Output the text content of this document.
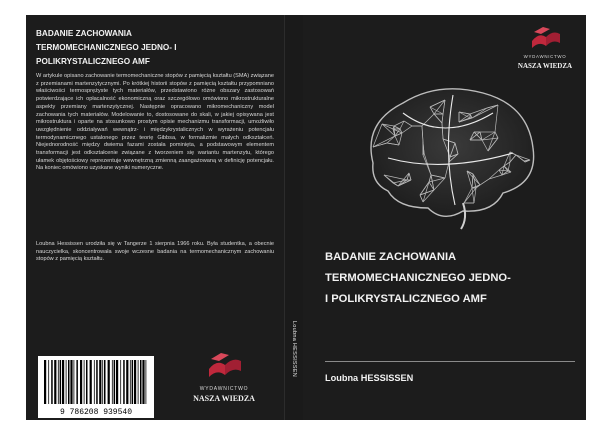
BADANIE ZACHOWANIA
TERMOMECHANICZNEGO JEDNO- I
POLIKRYSTALICZNEGO AMF
W artykule opisano zachowanie termomechaniczne stopów z pamięcią kształtu (SMA) związane z przemianami martenzytycznymi. Po krótkiej historii stopów z pamięcią kształtu przypomniano właściwości termosprężyste tych materiałów, przedstawiono różne obszary zastosowań potwierdzające ich opłacalność ekonomiczną oraz szczegółowo omówiono mikrostrukturalne aspekty przemiany martenzytycznej. Następnie opracowano mikromechaniczny model zachowania tych materiałów. Modelowanie to, dostosowane do skali, w jakiej opisywana jest mikrostruktura i oparte na stosunkowo prostym opisie mechanizmu transformacji, umożliwiło uwzględnienie oddziaływań wewnątrz- i międzykrystalicznych w wyrażeniu potencjału termodynamicznego ustalonego przez teorię Gibbsa, w formalizmie małych odkształceń. Niejednorodność między dwiema fazami została pominięta, a podstawowym elementem transformacji jest odkształcenie związane z tworzeniem się wariantu martenzytu, którego ułamek objętościowy reprezentuje wewnętrzną zmienną zaangażowaną w definicję potencjału. Na koniec omówiono uzyskane wyniki numeryczne.
Loubna Hessissen urodziła się w Tangerze 1 sierpnia 1966 roku. Była studentka, a obecnie nauczycielka, skoncentrowała swoje wczesne badania na termomechanicznym zachowaniu stopów z pamięcią kształtu.
9 786208 939540
WYDAWNICTWO
NASZA WIEDZA
Loubna HESSISSEN
WYDAWNICTWO
NASZA WIEDZA
BADANIE ZACHOWANIA
TERMOMECHANICZNEGO JEDNO-
I POLIKRYSTALICZNEGO AMF
Loubna HESSISSEN
